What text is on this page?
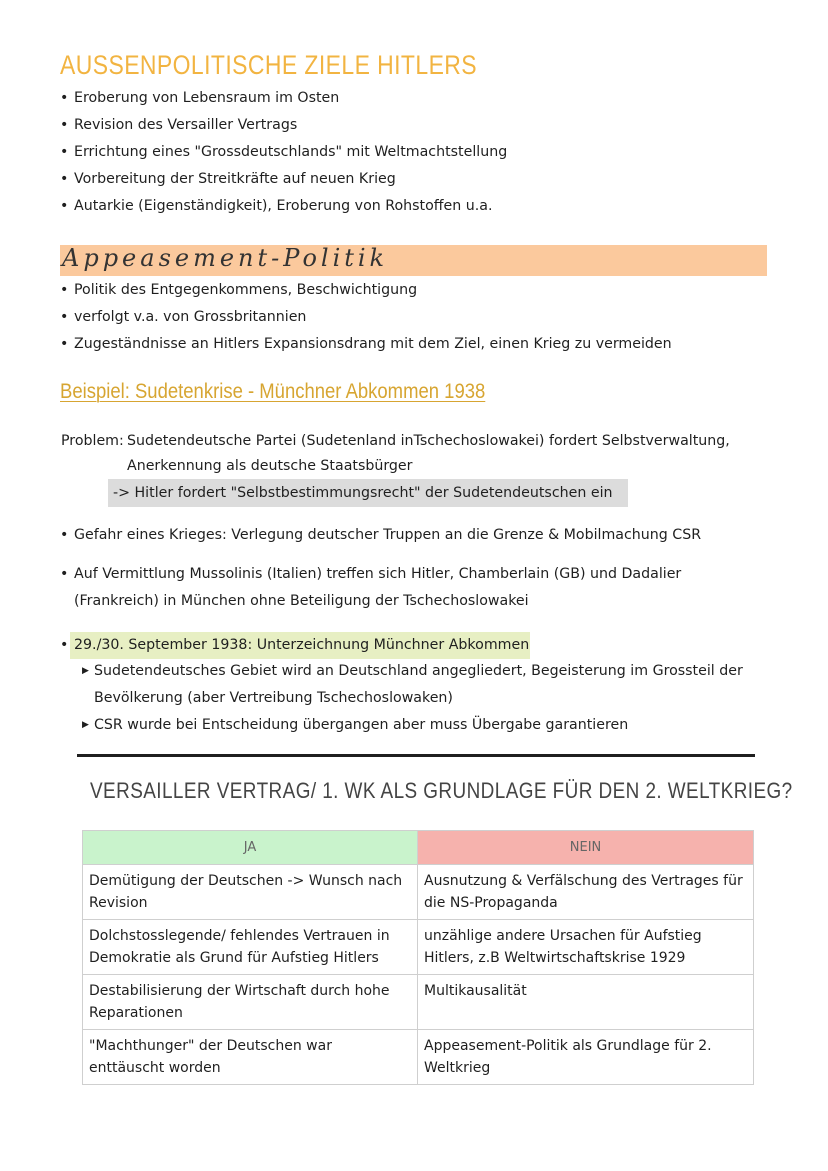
AUSSENPOLITISCHE ZIELE HITLERS
• Eroberung von Lebensraum im Osten
• Revision des Versailler Vertrags
• Errichtung eines "Grossdeutschlands" mit Weltmachtstellung
• Vorbereitung der Streitkräfte auf neuen Krieg
• Autarkie (Eigenständigkeit), Eroberung von Rohstoffen u.a.
Appeasement-Politik
• Politik des Entgegenkommens, Beschwichtigung
• verfolgt v.a. von Grossbritannien
• Zugeständnisse an Hitlers Expansionsdrang mit dem Ziel, einen Krieg zu vermeiden
Beispiel: Sudetenkrise - Münchner Abkommen 1938
Problem: Sudetendeutsche Partei (Sudetenland inTschechoslowakei) fordert Selbstverwaltung,
Anerkennung als deutsche Staatsbürger
-> Hitler fordert "Selbstbestimmungsrecht" der Sudetendeutschen ein
• Gefahr eines Krieges: Verlegung deutscher Truppen an die Grenze & Mobilmachung CSR
• Auf Vermittlung Mussolinis (Italien) treffen sich Hitler, Chamberlain (GB) und Dadalier
(Frankreich) in München ohne Beteiligung der Tschechoslowakei
• 29./30. September 1938: Unterzeichnung Münchner Abkommen
▶ Sudetendeutsches Gebiet wird an Deutschland angegliedert, Begeisterung im Grossteil der
Bevölkerung (aber Vertreibung Tschechoslowaken)
▶ CSR wurde bei Entscheidung übergangen aber muss Übergabe garantieren
VERSAILLER VERTRAG/ 1. WK ALS GRUNDLAGE FÜR DEN 2. WELTKRIEG?
JA	NEIN
Demütigung der Deutschen -> Wunsch nach Revision	Ausnutzung & Verfälschung des Vertrages für die NS-Propaganda
Dolchstosslegende/ fehlendes Vertrauen in Demokratie als Grund für Aufstieg Hitlers	unzählige andere Ursachen für Aufstieg Hitlers, z.B Weltwirtschaftskrise 1929
Destabilisierung der Wirtschaft durch hohe Reparationen	Multikausalität
"Machthunger" der Deutschen war enttäuscht worden	Appeasement-Politik als Grundlage für 2. Weltkrieg
